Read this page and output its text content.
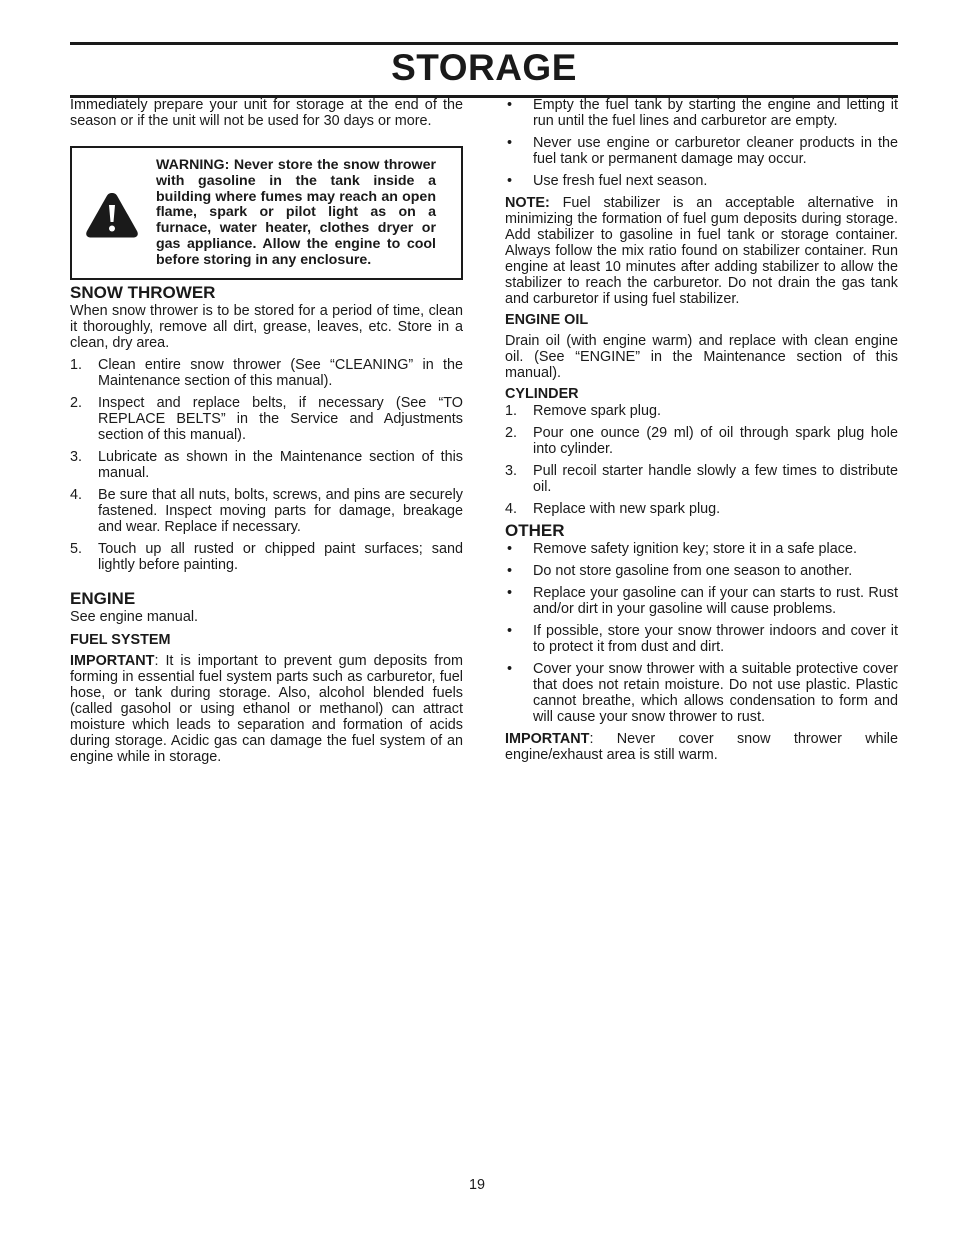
STORAGE

Immediately prepare your unit for storage at the end of the season or if the unit will not be used for 30 days or more.

WARNING: Never store the snow thrower with gasoline in the tank inside a building where fumes may reach an open flame, spark or pilot light as on a furnace, water heater, clothes dryer or gas appliance. Allow the engine to cool before storing in any enclosure.
SNOW THROWER

When snow thrower is to be stored for a period of time, clean it thoroughly, remove all dirt, grease, leaves, etc. Store in a clean, dry area.

1. Clean entire snow thrower (See “CLEANING” in the Maintenance section of this manual).
2. Inspect and replace belts, if necessary (See “TO REPLACE BELTS” in the Service and Adjustments section of this manual).
3. Lubricate as shown in the Maintenance section of this manual.
4. Be sure that all nuts, bolts, screws, and pins are securely fastened. Inspect moving parts for damage, breakage and wear. Replace if necessary.
5. Touch up all rusted or chipped paint surfaces; sand lightly before painting.
ENGINE

See engine manual.

FUEL SYSTEM

IMPORTANT: It is important to prevent gum deposits from forming in essential fuel system parts such as carburetor, fuel hose, or tank during storage. Also, alcohol blended fuels (called gasohol or using ethanol or methanol) can attract moisture which leads to separation and formation of acids during storage. Acidic gas can damage the fuel system of an engine while in storage.

• Empty the fuel tank by starting the engine and letting it run until the fuel lines and carburetor are empty.
• Never use engine or carburetor cleaner products in the fuel tank or permanent damage may occur.
• Use fresh fuel next season.

NOTE: Fuel stabilizer is an acceptable alternative in minimizing the formation of fuel gum deposits during storage. Add stabilizer to gasoline in fuel tank or storage container. Always follow the mix ratio found on stabilizer container. Run engine at least 10 minutes after adding stabilizer to allow the stabilizer to reach the carburetor. Do not drain the gas tank and carburetor if using fuel stabilizer.

ENGINE OIL

Drain oil (with engine warm) and replace with clean engine oil. (See “ENGINE” in the Maintenance section of this manual).

CYLINDER
1. Remove spark plug.
2. Pour one ounce (29 ml) of oil through spark plug hole into cylinder.
3. Pull recoil starter handle slowly a few times to distribute oil.
4. Replace with new spark plug.
OTHER
• Remove safety ignition key; store it in a safe place.
• Do not store gasoline from one season to another.
• Replace your gasoline can if your can starts to rust. Rust and/or dirt in your gasoline will cause problems.
• If possible, store your snow thrower indoors and cover it to protect it from dust and dirt.
• Cover your snow thrower with a suitable protective cover that does not retain moisture. Do not use plastic. Plastic cannot breathe, which allows condensation to form and will cause your snow thrower to rust.

IMPORTANT: Never cover snow thrower while engine/exhaust area is still warm.

19
